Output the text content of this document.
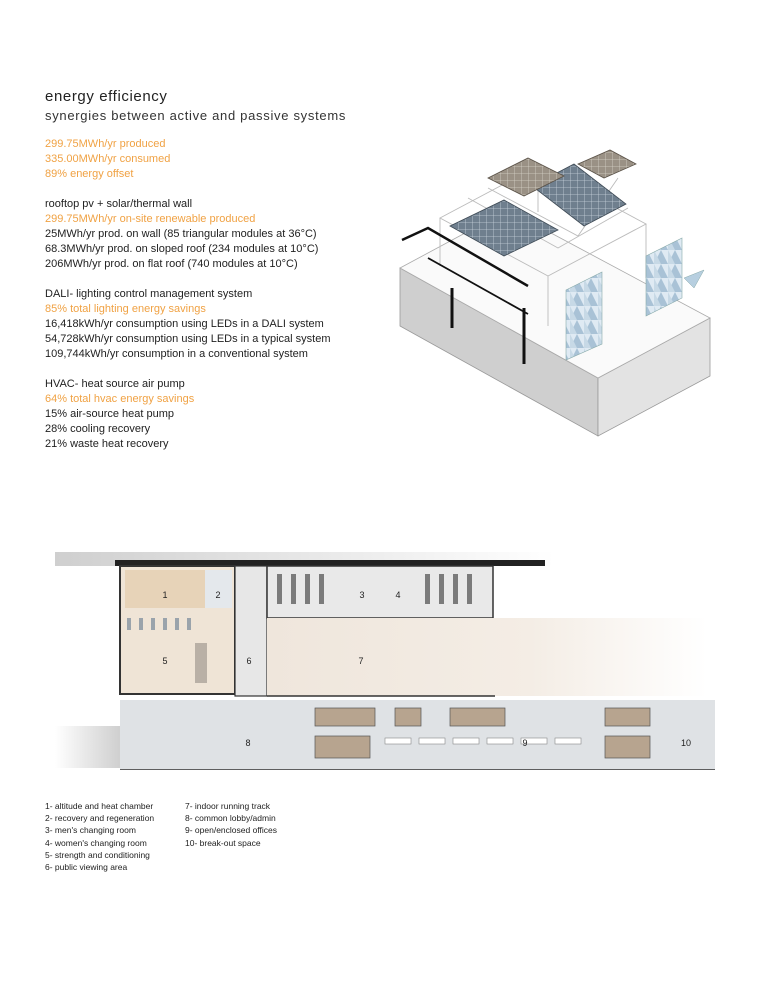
energy efficiency
synergies between active and passive systems
299.75MWh/yr produced
335.00MWh/yr consumed
89% energy offset
rooftop pv + solar/thermal wall
299.75MWh/yr on-site renewable produced
25MWh/yr prod. on wall (85 triangular modules at 36°C)
68.3MWh/yr prod. on sloped roof (234 modules at 10°C)
206MWh/yr prod. on flat roof (740 modules at 10°C)
DALI- lighting control management system
85% total lighting energy savings
16,418kWh/yr consumption using LEDs in a DALI system
54,728kWh/yr consumption using LEDs in a typical system
109,744kWh/yr consumption in a conventional system
HVAC- heat source air pump
64% total hvac energy savings
15% air-source heat pump
28% cooling recovery
21% waste heat recovery
1	2	3	4
5	6	7
8	9	10
1- altitude and heat chamber
2- recovery and regeneration
3- men's changing room
4- women's changing room
5- strength and conditioning
6- public viewing area
7- indoor running track
8- common lobby/admin
9- open/enclosed offices
10- break-out space
